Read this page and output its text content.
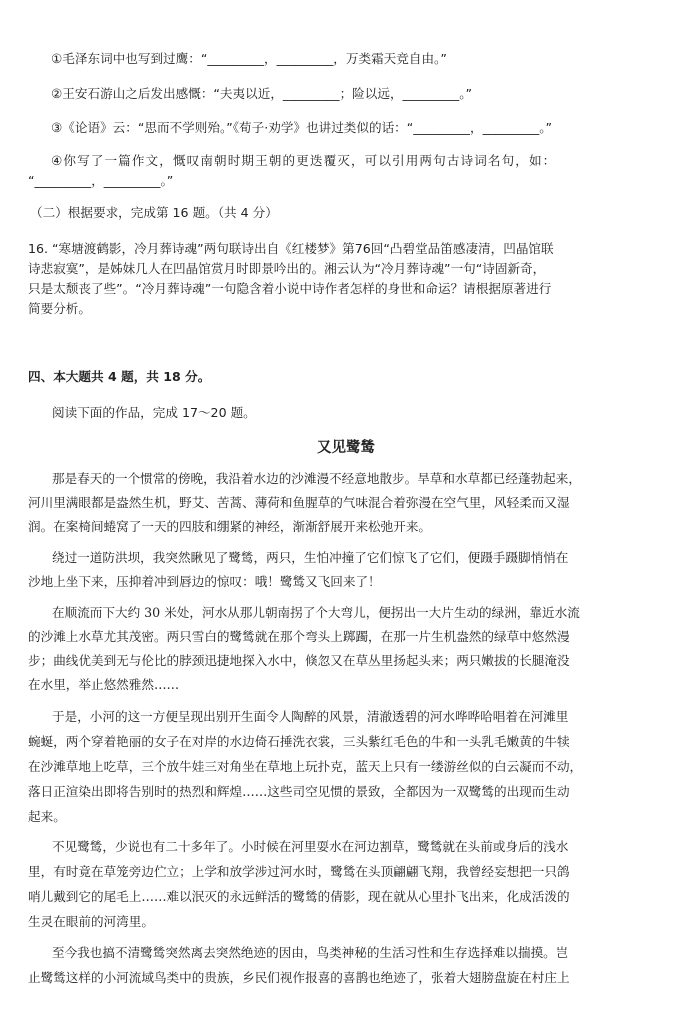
①毛泽东词中也写到过鹰：“_________，_________，万类霜天竞自由。”
②王安石游山之后发出感慨：“夫夷以近，_________；险以远，_________。”
③《论语》云：“思而不学则殆。”《荀子·劝学》也讲过类似的话：“_________，_________。”
④你写了一篇作文，慨叹南朝时期王朝的更迭覆灭，可以引用两句古诗词名句，如：
“_________，_________。”
（二）根据要求，完成第 16 题。（共 4 分）
16. “寒塘渡鹤影，冷月葬诗魂”两句联诗出自《红楼梦》第76回“凸碧堂品笛感凄清，凹晶馆联
诗悲寂寞”，是姊妹几人在凹晶馆赏月时即景吟出的。湘云认为“冷月葬诗魂”一句“诗固新奇，
只是太颓丧了些”。“冷月葬诗魂”一句隐含着小说中诗作者怎样的身世和命运？请根据原著进行
简要分析。
四、本大题共 4 题，共 18 分。
阅读下面的作品，完成 17～20 题。
又见鹭鸶
那是春天的一个惯常的傍晚，我沿着水边的沙滩漫不经意地散步。旱草和水草都已经蓬勃起来，
河川里满眼都是盎然生机，野艾、苦蒿、薄荷和鱼腥草的气味混合着弥漫在空气里，风轻柔而又湿
润。在案椅间蜷窝了一天的四肢和绷紧的神经，渐渐舒展开来松弛开来。
绕过一道防洪坝，我突然瞅见了鹭鸶，两只，生怕冲撞了它们惊飞了它们，便蹑手蹑脚悄悄在
沙地上坐下来，压抑着冲到唇边的惊叹：哦！鹭鸶又飞回来了！
在顺流而下大约 30 米处，河水从那儿朝南拐了个大弯儿，便拐出一大片生动的绿洲，靠近水流
的沙滩上水草尤其茂密。两只雪白的鹭鸶就在那个弯头上踯躅，在那一片生机盎然的绿草中悠然漫
步；曲线优美到无与伦比的脖颈迅捷地探入水中，倏忽又在草丛里扬起头来；两只嫩拔的长腿淹没
在水里，举止悠然雅然……
于是，小河的这一方便呈现出别开生面令人陶醉的风景，清澈透碧的河水哗哗哈唱着在河滩里
蜿蜒，两个穿着艳丽的女子在对岸的水边倚石捶洗衣裳，三头紫红毛色的牛和一头乳毛嫩黄的牛犊
在沙滩草地上吃草，三个放牛娃三对角坐在草地上玩扑克，蓝天上只有一缕游丝似的白云凝而不动，
落日正渲染出即将告别时的热烈和辉煌……这些司空见惯的景致，全都因为一双鹭鸶的出现而生动
起来。
不见鹭鸶，少说也有二十多年了。小时候在河里耍水在河边割草，鹭鸶就在头前或身后的浅水
里，有时竟在草笼旁边伫立；上学和放学涉过河水时，鹭鸶在头顶翩翩飞翔，我曾经妄想把一只鸽
哨儿戴到它的尾毛上……难以泯灭的永远鲜活的鹭鸶的倩影，现在就从心里扑飞出来，化成活泼的
生灵在眼前的河湾里。
至今我也搞不清鹭鸶突然离去突然绝迹的因由，鸟类神秘的生活习性和生存选择难以揣摸。岂
止鹭鸶这样的小河流域鸟类中的贵族，乡民们视作报喜的喜鹊也绝迹了，张着大翅膀盘旋在村庄上
